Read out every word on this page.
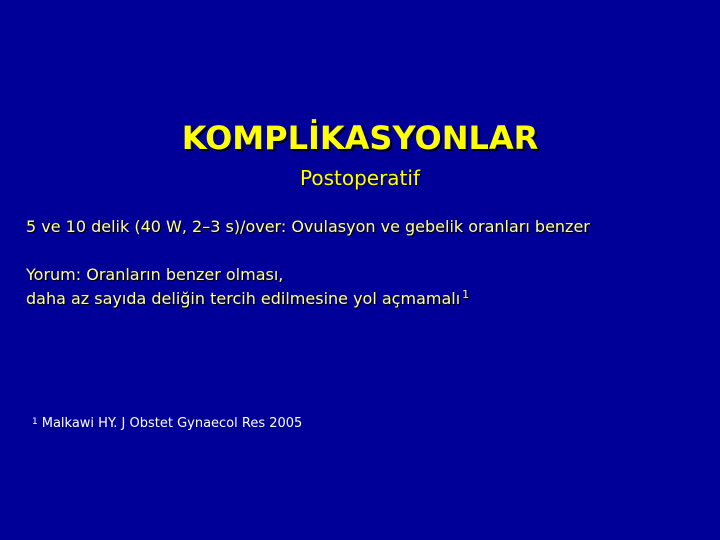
KOMPLİKASYONLAR
Postoperatif
5 ve 10 delik (40 W, 2–3 s)/over: Ovulasyon ve gebelik oranları benzer
Yorum: Oranların benzer olması,
daha az sayıda deliğin tercih edilmesine yol açmamalı $^1$
$^1$ Malkawi HY. J Obstet Gynaecol Res 2005
